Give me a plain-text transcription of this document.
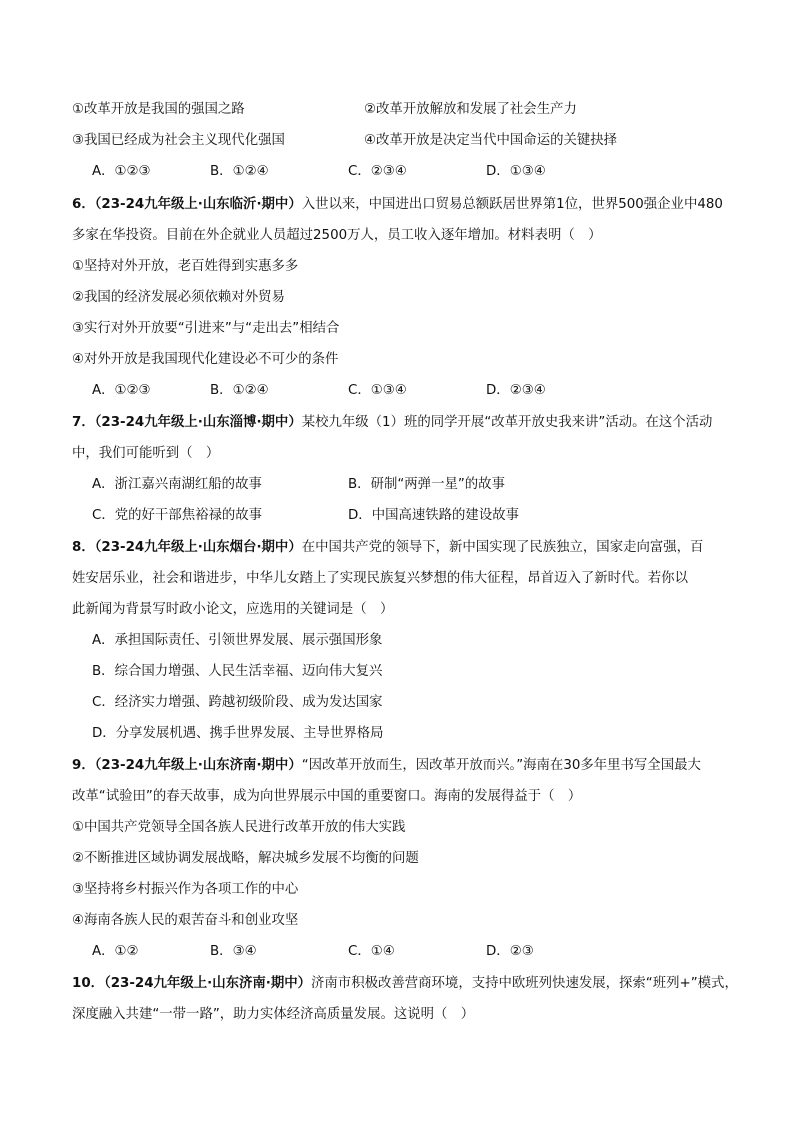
①改革开放是我国的强国之路	②改革开放解放和发展了社会生产力
③我国已经成为社会主义现代化强国	④改革开放是决定当代中国命运的关键抉择
A．①②③	B．①②④	C．②③④	D．①③④
6．（23-24九年级上·山东临沂·期中）入世以来，中国进出口贸易总额跃居世界第1位，世界500强企业中480
多家在华投资。目前在外企就业人员超过2500万人，员工收入逐年增加。材料表明（　）
①坚持对外开放，老百姓得到实惠多多
②我国的经济发展必须依赖对外贸易
③实行对外开放要“引进来”与“走出去”相结合
④对外开放是我国现代化建设必不可少的条件
A．①②③	B．①②④	C．①③④	D．②③④
7．（23-24九年级上·山东淄博·期中）某校九年级（1）班的同学开展“改革开放史我来讲”活动。在这个活动
中，我们可能听到（　）
A．浙江嘉兴南湖红船的故事	B．研制“两弹一星”的故事
C．党的好干部焦裕禄的故事	D．中国高速铁路的建设故事
8．（23-24九年级上·山东烟台·期中）在中国共产党的领导下，新中国实现了民族独立，国家走向富强，百
姓安居乐业，社会和谐进步，中华儿女踏上了实现民族复兴梦想的伟大征程，昂首迈入了新时代。若你以
此新闻为背景写时政小论文，应选用的关键词是（　）
A．承担国际责任、引领世界发展、展示强国形象
B．综合国力增强、人民生活幸福、迈向伟大复兴
C．经济实力增强、跨越初级阶段、成为发达国家
D．分享发展机遇、携手世界发展、主导世界格局
9．（23-24九年级上·山东济南·期中）“因改革开放而生，因改革开放而兴。”海南在30多年里书写全国最大
改革“试验田”的春天故事，成为向世界展示中国的重要窗口。海南的发展得益于（　）
①中国共产党领导全国各族人民进行改革开放的伟大实践
②不断推进区域协调发展战略，解决城乡发展不均衡的问题
③坚持将乡村振兴作为各项工作的中心
④海南各族人民的艰苦奋斗和创业攻坚
A．①②	B．③④	C．①④	D．②③
10．（23-24九年级上·山东济南·期中）济南市积极改善营商环境，支持中欧班列快速发展，探索“班列+”模式，
深度融入共建“一带一路”，助力实体经济高质量发展。这说明（　）
